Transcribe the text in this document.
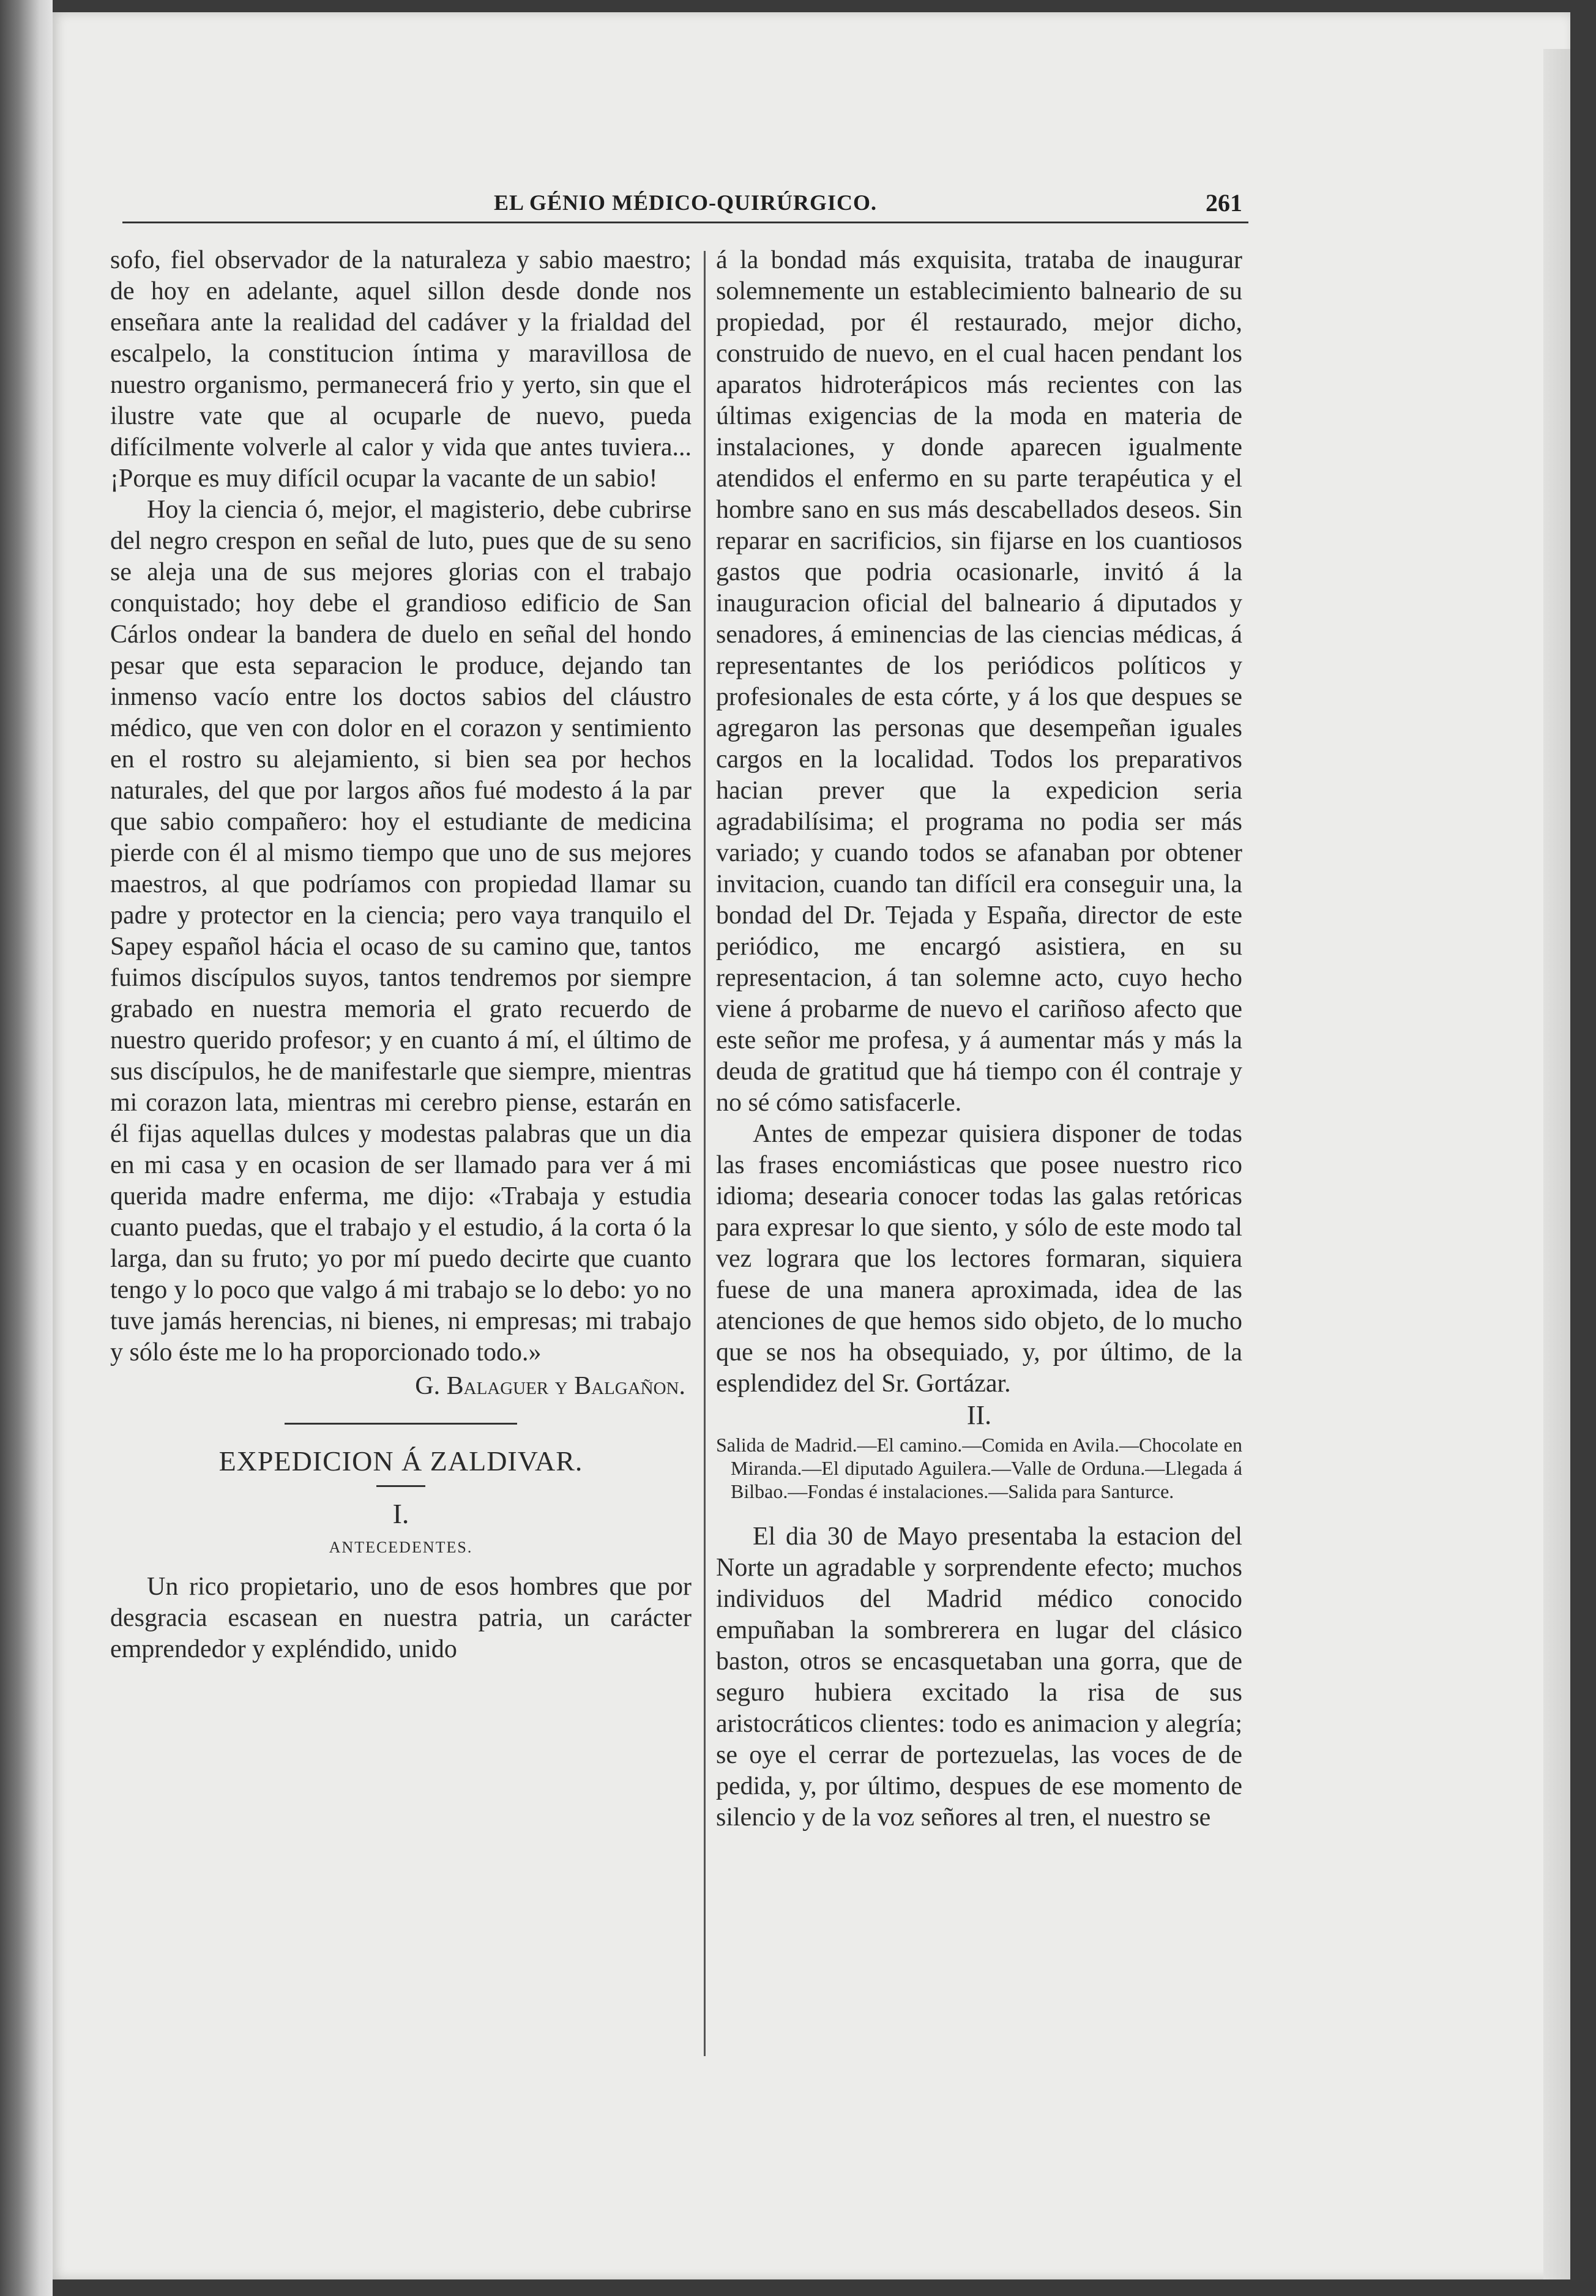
EL GÉNIO MÉDICO-QUIRÚRGICO.	261

sofo, fiel observador de la naturaleza y sabio maestro; de hoy en adelante, aquel sillon desde donde nos enseñara ante la realidad del cadáver y la frialdad del escalpelo, la constitucion íntima y maravillosa de nuestro organismo, permanecerá frio y yerto, sin que el ilustre vate que al ocuparle de nuevo, pueda difícilmente volverle al calor y vida que antes tuviera... ¡Porque es muy difícil ocupar la vacante de un sabio!

Hoy la ciencia ó, mejor, el magisterio, debe cubrirse del negro crespon en señal de luto, pues que de su seno se aleja una de sus mejores glorias con el trabajo conquistado; hoy debe el grandioso edificio de San Cárlos ondear la bandera de duelo en señal del hondo pesar que esta separacion le produce, dejando tan inmenso vacío entre los doctos sabios del cláustro médico, que ven con dolor en el corazon y sentimiento en el rostro su alejamiento, si bien sea por hechos naturales, del que por largos años fué modesto á la par que sabio compañero: hoy el estudiante de medicina pierde con él al mismo tiempo que uno de sus mejores maestros, al que podríamos con propiedad llamar su padre y protector en la ciencia; pero vaya tranquilo el Sapey español hácia el ocaso de su camino que, tantos fuimos discípulos suyos, tantos tendremos por siempre grabado en nuestra memoria el grato recuerdo de nuestro querido profesor; y en cuanto á mí, el último de sus discípulos, he de manifestarle que siempre, mientras mi corazon lata, mientras mi cerebro piense, estarán en él fijas aquellas dulces y modestas palabras que un dia en mi casa y en ocasion de ser llamado para ver á mi querida madre enferma, me dijo: «Trabaja y estudia cuanto puedas, que el trabajo y el estudio, á la corta ó la larga, dan su fruto; yo por mí puedo decirte que cuanto tengo y lo poco que valgo á mi trabajo se lo debo: yo no tuve jamás herencias, ni bienes, ni empresas; mi trabajo y sólo éste me lo ha proporcionado todo.»

G. Balaguer y Balgañon.
EXPEDICION Á ZALDIVAR.
I.
ANTECEDENTES.

Un rico propietario, uno de esos hombres que por desgracia escasean en nuestra patria, un carácter emprendedor y expléndido, unido

á la bondad más exquisita, trataba de inaugurar solemnemente un establecimiento balneario de su propiedad, por él restaurado, mejor dicho, construido de nuevo, en el cual hacen pendant los aparatos hidroterápicos más recientes con las últimas exigencias de la moda en materia de instalaciones, y donde aparecen igualmente atendidos el enfermo en su parte terapéutica y el hombre sano en sus más descabellados deseos. Sin reparar en sacrificios, sin fijarse en los cuantiosos gastos que podria ocasionarle, invitó á la inauguracion oficial del balneario á diputados y senadores, á eminencias de las ciencias médicas, á representantes de los periódicos políticos y profesionales de esta córte, y á los que despues se agregaron las personas que desempeñan iguales cargos en la localidad. Todos los preparativos hacian prever que la expedicion seria agradabilísima; el programa no podia ser más variado; y cuando todos se afanaban por obtener invitacion, cuando tan difícil era conseguir una, la bondad del Dr. Tejada y España, director de este periódico, me encargó asistiera, en su representacion, á tan solemne acto, cuyo hecho viene á probarme de nuevo el cariñoso afecto que este señor me profesa, y á aumentar más y más la deuda de gratitud que há tiempo con él contraje y no sé cómo satisfacerle.

Antes de empezar quisiera disponer de todas las frases encomiásticas que posee nuestro rico idioma; desearia conocer todas las galas retóricas para expresar lo que siento, y sólo de este modo tal vez lograra que los lectores formaran, siquiera fuese de una manera aproximada, idea de las atenciones de que hemos sido objeto, de lo mucho que se nos ha obsequiado, y, por último, de la esplendidez del Sr. Gortázar.

II.
Salida de Madrid.—El camino.—Comida en Avila.—Chocolate en Miranda.—El diputado Aguilera.—Valle de Orduna.—Llegada á Bilbao.—Fondas é instalaciones.—Salida para Santurce.

El dia 30 de Mayo presentaba la estacion del Norte un agradable y sorprendente efecto; muchos individuos del Madrid médico conocido empuñaban la sombrerera en lugar del clásico baston, otros se encasquetaban una gorra, que de seguro hubiera excitado la risa de sus aristocráticos clientes: todo es animacion y alegría; se oye el cerrar de portezuelas, las voces de de pedida, y, por último, despues de ese momento de silencio y de la voz señores al tren, el nuestro se
